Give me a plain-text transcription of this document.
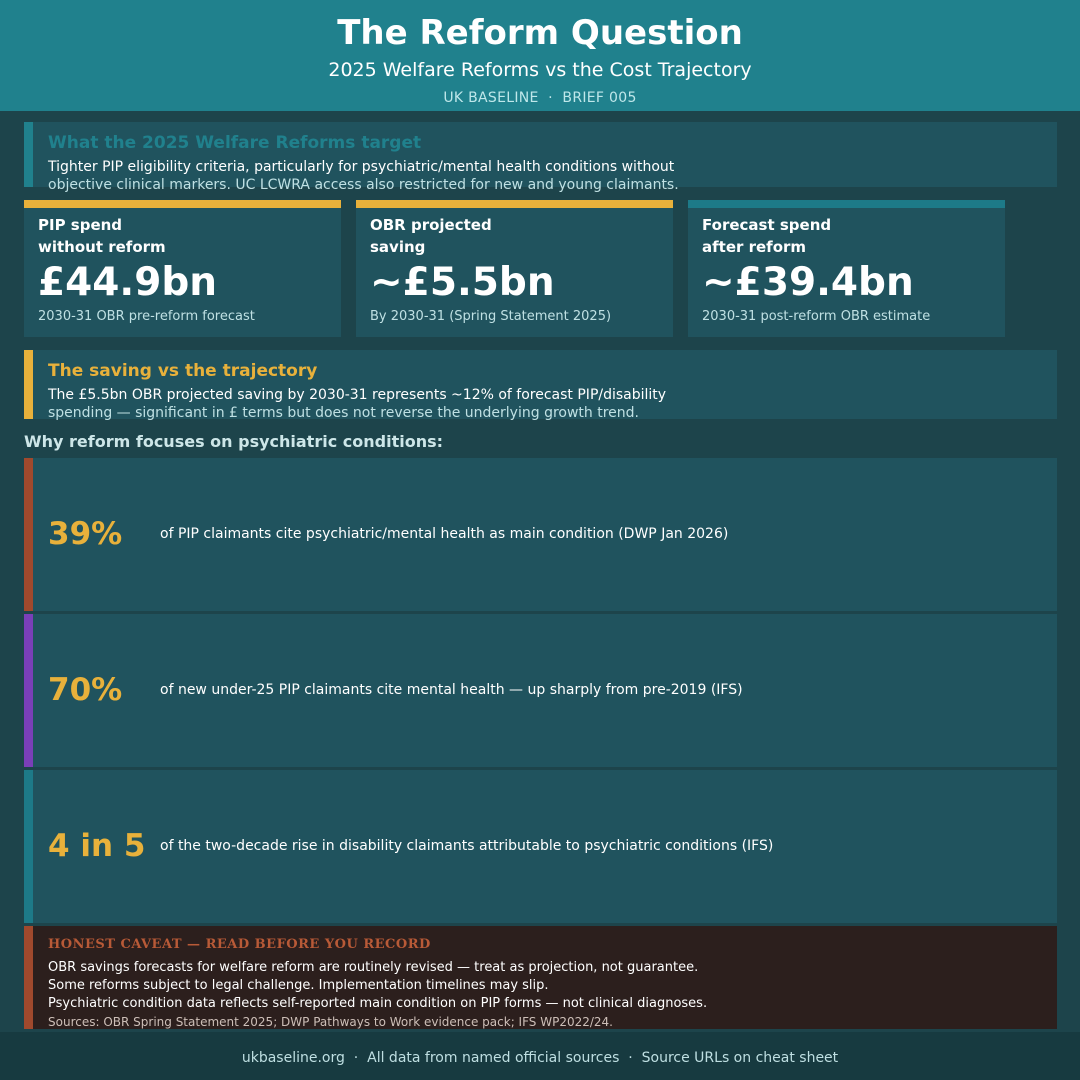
The Reform Question
2025 Welfare Reforms vs the Cost Trajectory
UK BASELINE  ·  BRIEF 005
What the 2025 Welfare Reforms target
Tighter PIP eligibility criteria, particularly for psychiatric/mental health conditions without
objective clinical markers. UC LCWRA access also restricted for new and young claimants.
PIP spend
without reform
£44.9bn
2030-31 OBR pre-reform forecast
OBR projected
saving
~£5.5bn
By 2030-31 (Spring Statement 2025)
Forecast spend
after reform
~£39.4bn
2030-31 post-reform OBR estimate
The saving vs the trajectory
The £5.5bn OBR projected saving by 2030-31 represents ~12% of forecast PIP/disability
spending — significant in £ terms but does not reverse the underlying growth trend.
Why reform focuses on psychiatric conditions:
39%	of PIP claimants cite psychiatric/mental health as main condition (DWP Jan 2026)
70%	of new under-25 PIP claimants cite mental health — up sharply from pre-2019 (IFS)
4 in 5 of the two-decade rise in disability claimants attributable to psychiatric conditions (IFS)
HONEST CAVEAT — READ BEFORE YOU RECORD
OBR savings forecasts for welfare reform are routinely revised — treat as projection, not guarantee.
Some reforms subject to legal challenge. Implementation timelines may slip.
Psychiatric condition data reflects self-reported main condition on PIP forms — not clinical diagnoses.
Sources: OBR Spring Statement 2025; DWP Pathways to Work evidence pack; IFS WP2022/24.
ukbaseline.org  ·  All data from named official sources  ·  Source URLs on cheat sheet
